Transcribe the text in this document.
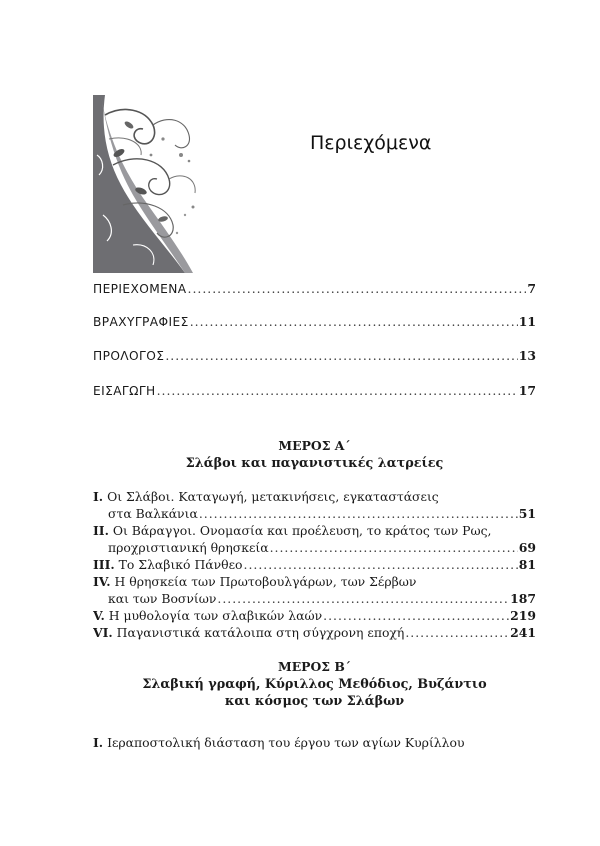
Περιεχόμενα
ΠΕΡΙΕΧΟΜΕΝΑ .....	7
ΒΡΑΧΥΓΡΑΦΙΕΣ .....	11
ΠΡΟΛΟΓΟΣ .....	13
ΕΙΣΑΓΩΓΗ .....	17
ΜΕΡΟΣ Α΄
Σλάβοι και παγανιστικές λατρείες
Ι. Οι Σλάβοι. Καταγωγή, μετακινήσεις, εγκαταστάσεις
στα Βαλκάνια .....	51
ΙΙ. Οι Βάραγγοι. Ονομασία και προέλευση, το κράτος των Ρως,
προχριστιανική θρησκεία .....	69
ΙΙΙ. Το Σλαβικό Πάνθεο .....	81
ΙV. Η θρησκεία των Πρωτοβουλγάρων, των Σέρβων
και των Βοσνίων .....	187
V. Η μυθολογία των σλαβικών λαών .....	219
VΙ. Παγανιστικά κατάλοιπα στη σύγχρονη εποχή .....	241
ΜΕΡΟΣ Β΄
Σλαβική γραφή, Κύριλλος Μεθόδιος, Βυζάντιο
και κόσμος των Σλάβων
Ι. Ιεραποστολική διάσταση του έργου των αγίων Κυρίλλου
